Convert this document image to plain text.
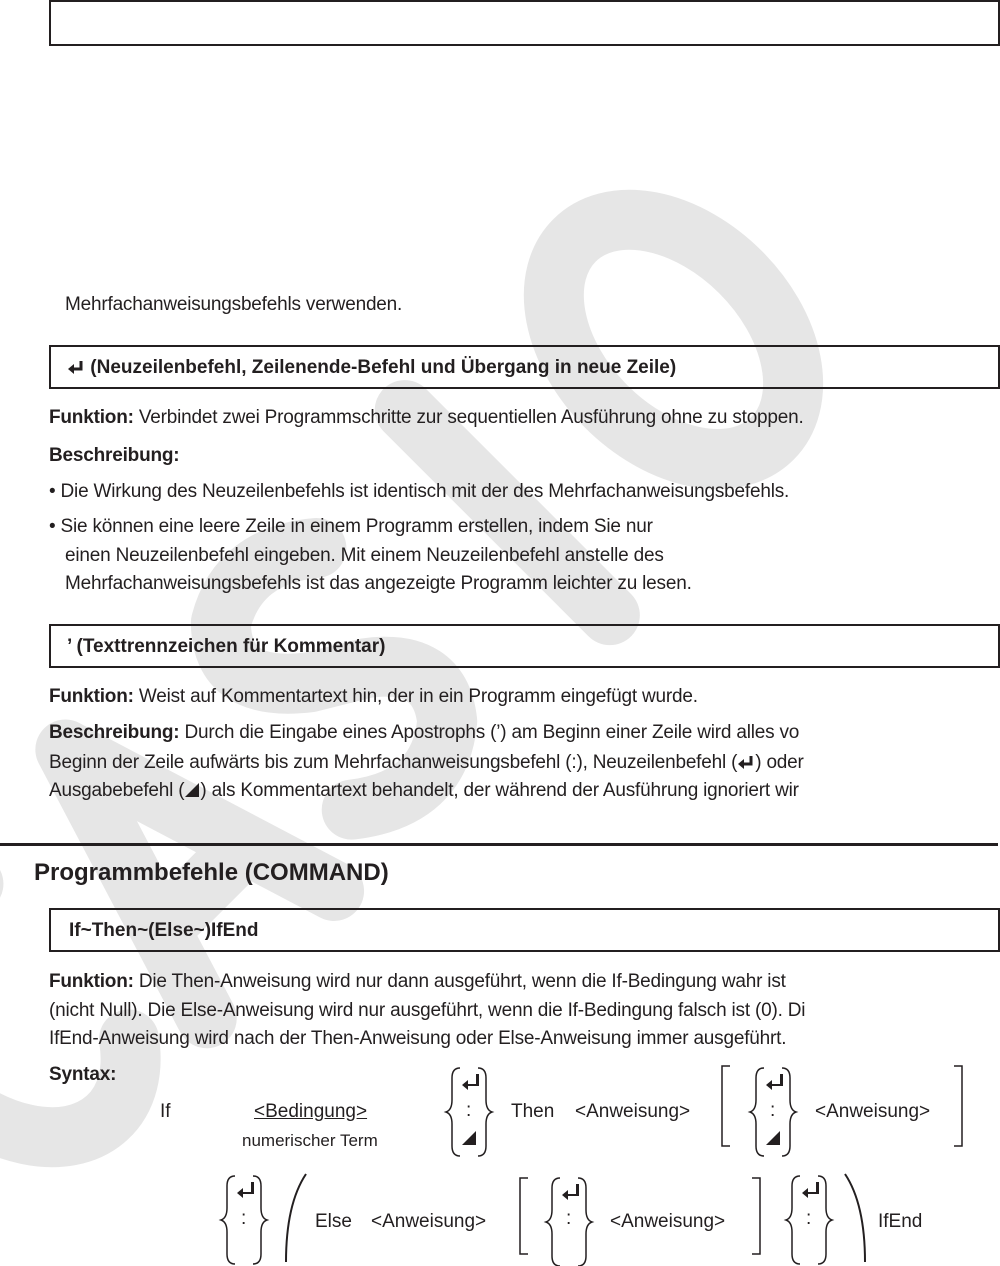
Mehrfachanweisungsbefehls verwenden.
(Neuzeilenbefehl, Zeilenende-Befehl und Übergang in neue Zeile)
Funktion: Verbindet zwei Programmschritte zur sequentiellen Ausführung ohne zu stoppen.
Beschreibung:
• Die Wirkung des Neuzeilenbefehls ist identisch mit der des Mehrfachanweisungsbefehls.
• Sie können eine leere Zeile in einem Programm erstellen, indem Sie nur
einen Neuzeilenbefehl eingeben. Mit einem Neuzeilenbefehl anstelle des
Mehrfachanweisungsbefehls ist das angezeigte Programm leichter zu lesen.
’ (Texttrennzeichen für Kommentar)
Funktion: Weist auf Kommentartext hin, der in ein Programm eingefügt wurde.
Beschreibung: Durch die Eingabe eines Apostrophs (’) am Beginn einer Zeile wird alles vo
Beginn der Zeile aufwärts bis zum Mehrfachanweisungsbefehl (:), Neuzeilenbefehl ( ) oder
Ausgabebefehl ( ) als Kommentartext behandelt, der während der Ausführung ignoriert wir
Programmbefehle (COMMAND)
If~Then~(Else~)IfEnd
Funktion: Die Then-Anweisung wird nur dann ausgeführt, wenn die If-Bedingung wahr ist
(nicht Null). Die Else-Anweisung wird nur ausgeführt, wenn die If-Bedingung falsch ist (0). Di
IfEnd-Anweisung wird nach der Then-Anweisung oder Else-Anweisung immer ausgeführt.
Syntax:
If	<Bedingung>
numerischer Term
: Then <Anweisung>	: <Anweisung>
:	Else <Anweisung>	: <Anweisung>	:	IfEnd
